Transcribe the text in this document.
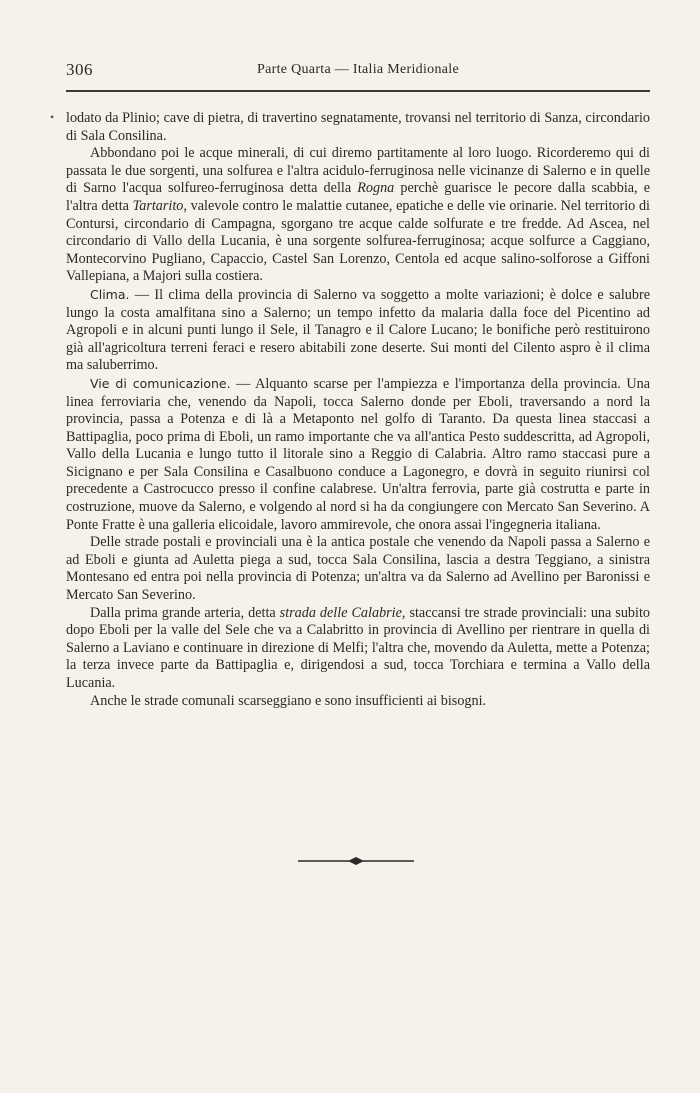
306	Parte Quarta — Italia Meridionale
• lodato da Plinio; cave di pietra, di travertino segnatamente, trovansi nel territorio di Sanza, circondario di Sala Consilina.

Abbondano poi le acque minerali, di cui diremo partitamente al loro luogo. Ricorderemo qui di passata le due sorgenti, una solfurea e l'altra acidulo-ferruginosa nelle vicinanze di Salerno e in quelle di Sarno l'acqua solfureo-ferruginosa detta della Rogna perchè guarisce le pecore dalla scabbia, e l'altra detta Tartarito, valevole contro le malattie cutanee, epatiche e delle vie orinarie. Nel territorio di Contursi, circondario di Campagna, sgorgano tre acque calde solfurate e tre fredde. Ad Ascea, nel circondario di Vallo della Lucania, è una sorgente solfurea-ferruginosa; acque solfurce a Caggiano, Montecorvino Pugliano, Capaccio, Castel San Lorenzo, Centola ed acque salino-solforose a Giffoni Vallepiana, a Majori sulla costiera.

Clima. — Il clima della provincia di Salerno va soggetto a molte variazioni; è dolce e salubre lungo la costa amalfitana sino a Salerno; un tempo infetto da malaria dalla foce del Picentino ad Agropoli e in alcuni punti lungo il Sele, il Tanagro e il Calore Lucano; le bonifiche però restituirono già all'agricoltura terreni feraci e resero abitabili zone deserte. Sui monti del Cilento aspro è il clima ma saluberrimo.

Vie di comunicazione. — Alquanto scarse per l'ampiezza e l'importanza della provincia. Una linea ferroviaria che, venendo da Napoli, tocca Salerno donde per Eboli, traversando a nord la provincia, passa a Potenza e di là a Metaponto nel golfo di Taranto. Da questa linea staccasi a Battipaglia, poco prima di Eboli, un ramo importante che va all'antica Pesto suddescritta, ad Agropoli, Vallo della Lucania e lungo tutto il litorale sino a Reggio di Calabria. Altro ramo staccasi pure a Sicignano e per Sala Consilina e Casalbuono conduce a Lagonegro, e dovrà in seguito riunirsi col precedente a Castrocucco presso il confine calabrese. Un'altra ferrovia, parte già costrutta e parte in costruzione, muove da Salerno, e volgendo al nord si ha da congiungere con Mercato San Severino. A Ponte Fratte è una galleria elicoidale, lavoro ammirevole, che onora assai l'ingegneria italiana.

Delle strade postali e provinciali una è la antica postale che venendo da Napoli passa a Salerno e ad Eboli e giunta ad Auletta piega a sud, tocca Sala Consilina, lascia a destra Teggiano, a sinistra Montesano ed entra poi nella provincia di Potenza; un'altra va da Salerno ad Avellino per Baronissi e Mercato San Severino.

Dalla prima grande arteria, detta strada delle Calabrie, staccansi tre strade provinciali: una subito dopo Eboli per la valle del Sele che va a Calabritto in provincia di Avellino per rientrare in quella di Salerno a Laviano e continuare in direzione di Melfi; l'altra che, movendo da Auletta, mette a Potenza; la terza invece parte da Battipaglia e, dirigendosi a sud, tocca Torchiara e termina a Vallo della Lucania.

Anche le strade comunali scarseggiano e sono insufficienti ai bisogni.
